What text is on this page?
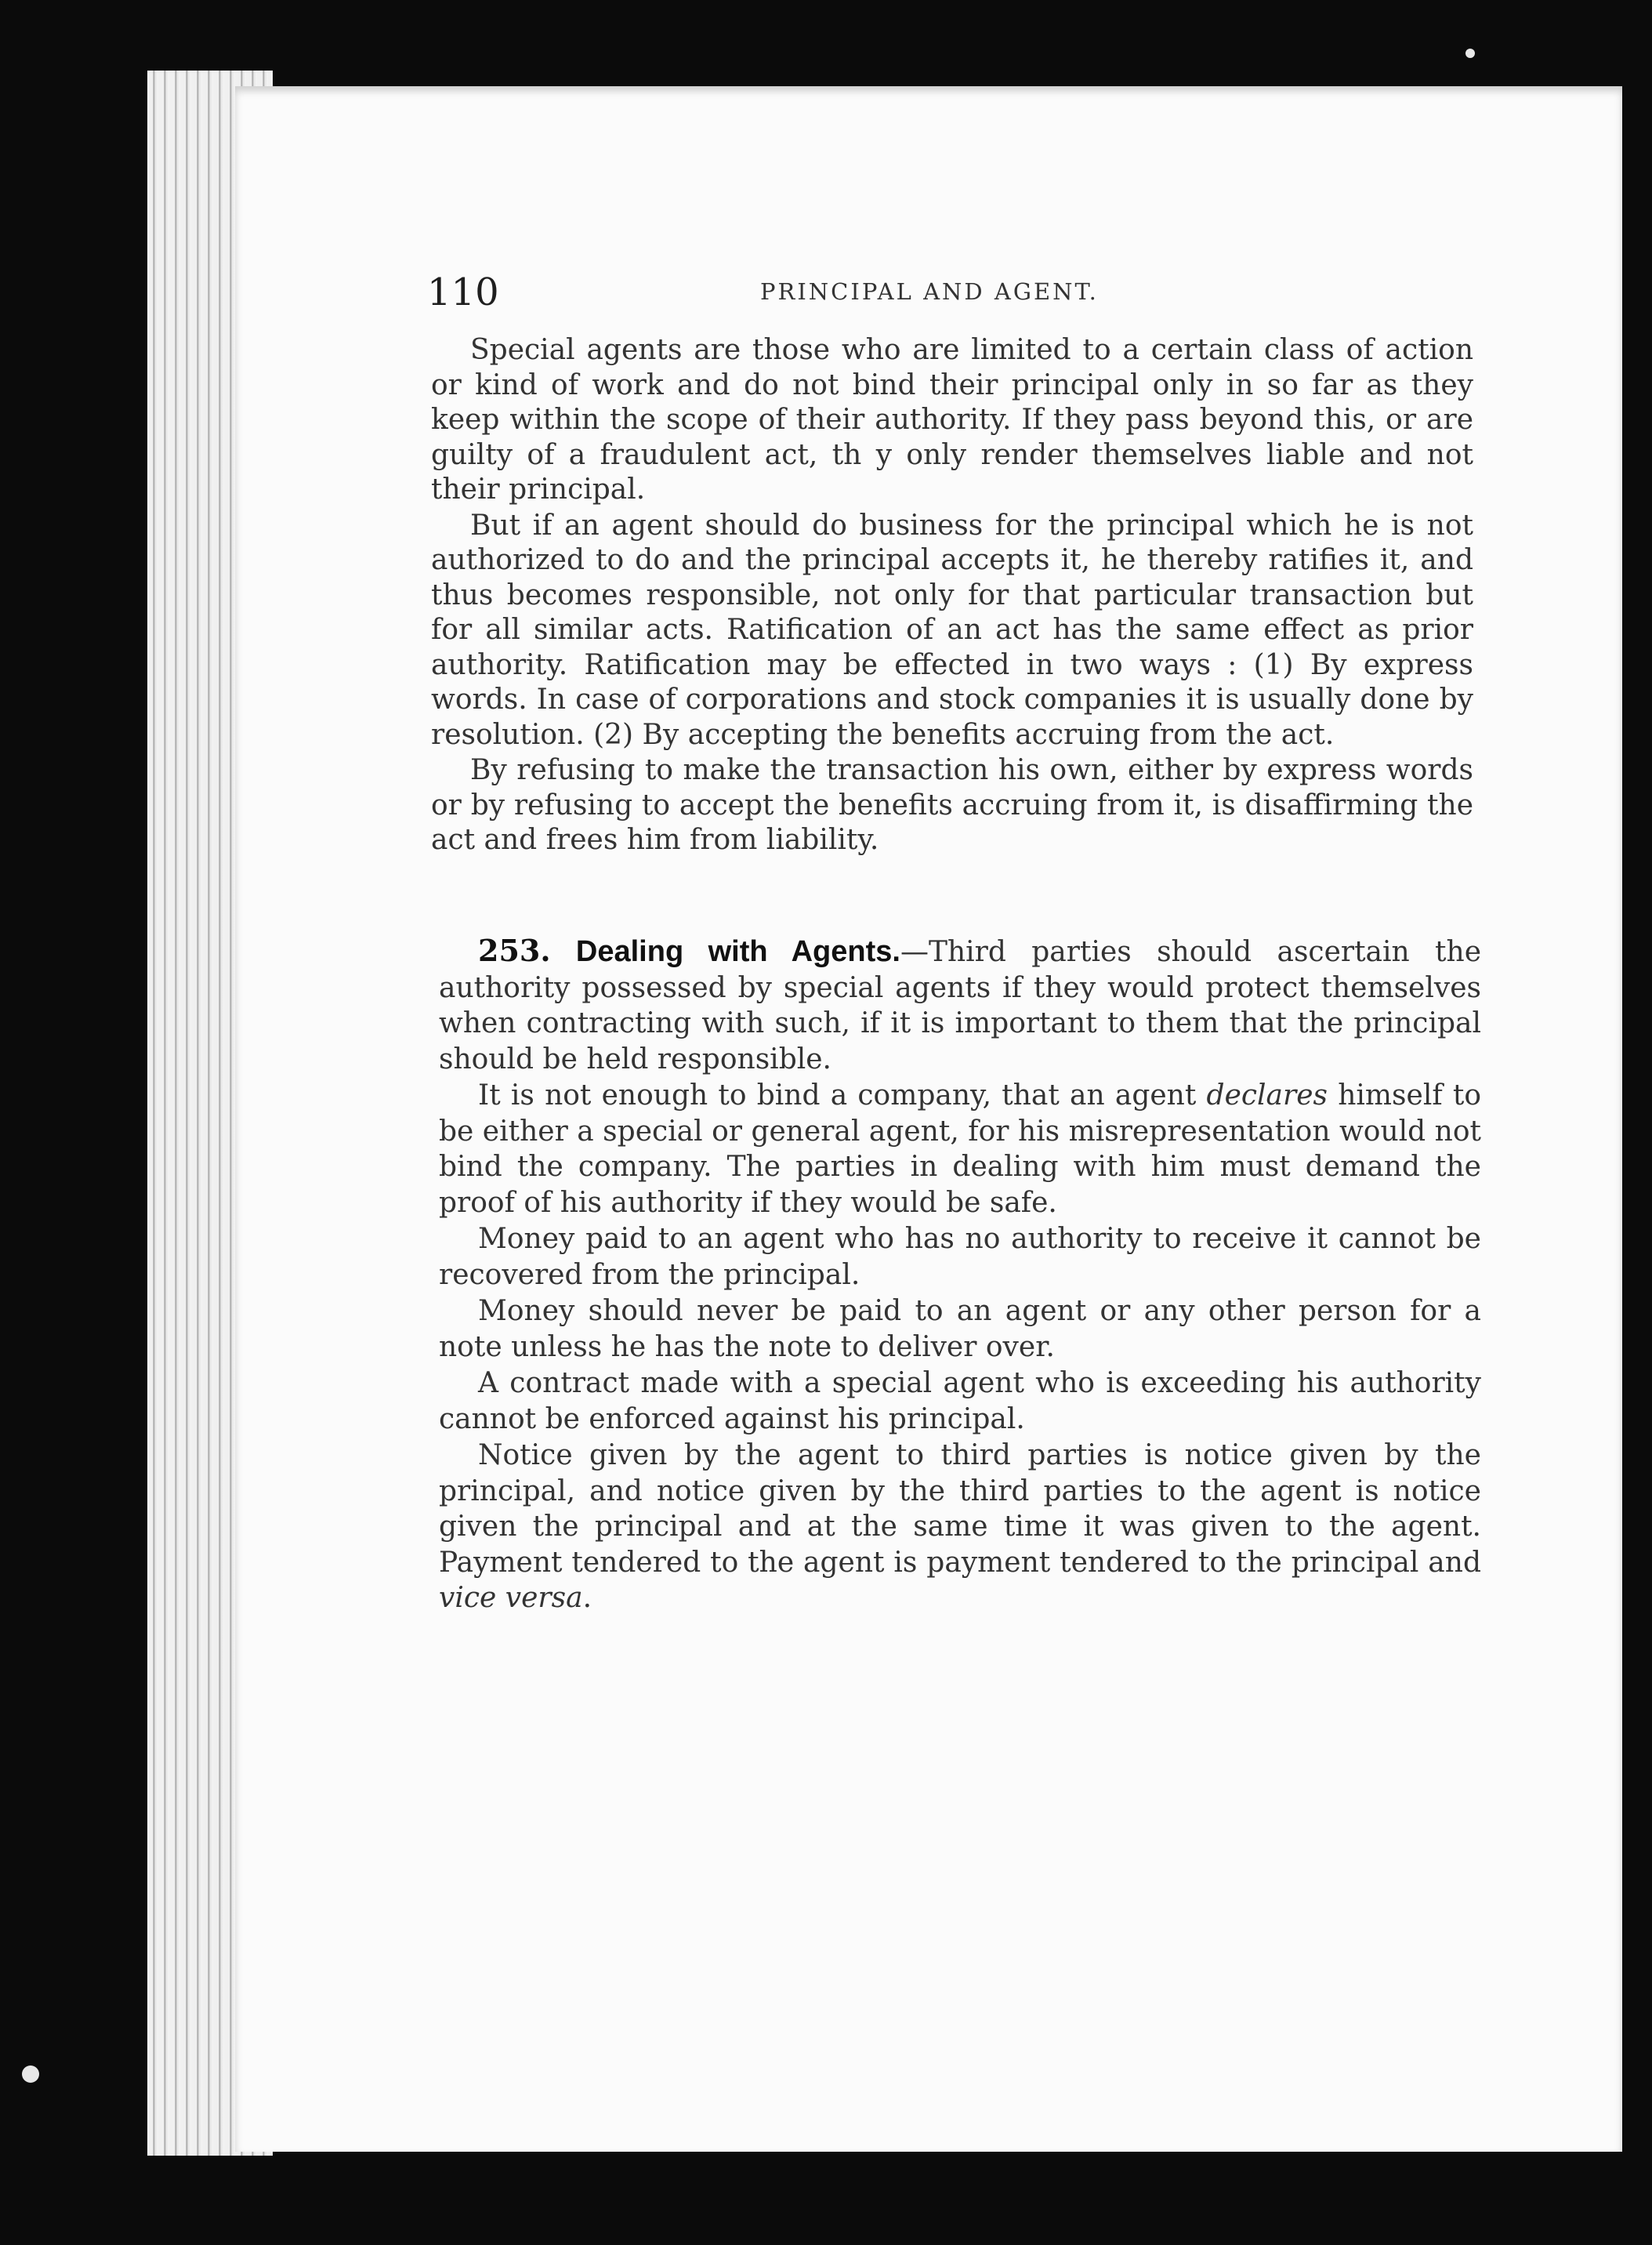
110	PRINCIPAL AND AGENT.

Special agents are those who are limited to a certain class of action or kind of work and do not bind their principal only in so far as they keep within the scope of their authority. If they pass beyond this, or are guilty of a fraudulent act, th y only render themselves liable and not their principal.

But if an agent should do business for the principal which he is not authorized to do and the principal accepts it, he thereby ratifies it, and thus becomes responsible, not only for that particular transaction but for all similar acts. Ratification of an act has the same effect as prior authority. Ratification may be effected in two ways : (1) By express words. In case of corporations and stock companies it is usually done by resolution. (2) By accepting the benefits accruing from the act.

By refusing to make the transaction his own, either by express words or by refusing to accept the benefits accruing from it, is disaffirming the act and frees him from liability.

253. Dealing with Agents.—Third parties should ascertain the authority possessed by special agents if they would protect themselves when contracting with such, if it is important to them that the principal should be held responsible.

It is not enough to bind a company, that an agent declares himself to be either a special or general agent, for his misrepresentation would not bind the company. The parties in dealing with him must demand the proof of his authority if they would be safe.

Money paid to an agent who has no authority to receive it cannot be recovered from the principal.

Money should never be paid to an agent or any other person for a note unless he has the note to deliver over.

A contract made with a special agent who is exceeding his authority cannot be enforced against his principal.

Notice given by the agent to third parties is notice given by the principal, and notice given by the third parties to the agent is notice given the principal and at the same time it was given to the agent. Payment tendered to the agent is payment tendered to the principal and vice versa.
